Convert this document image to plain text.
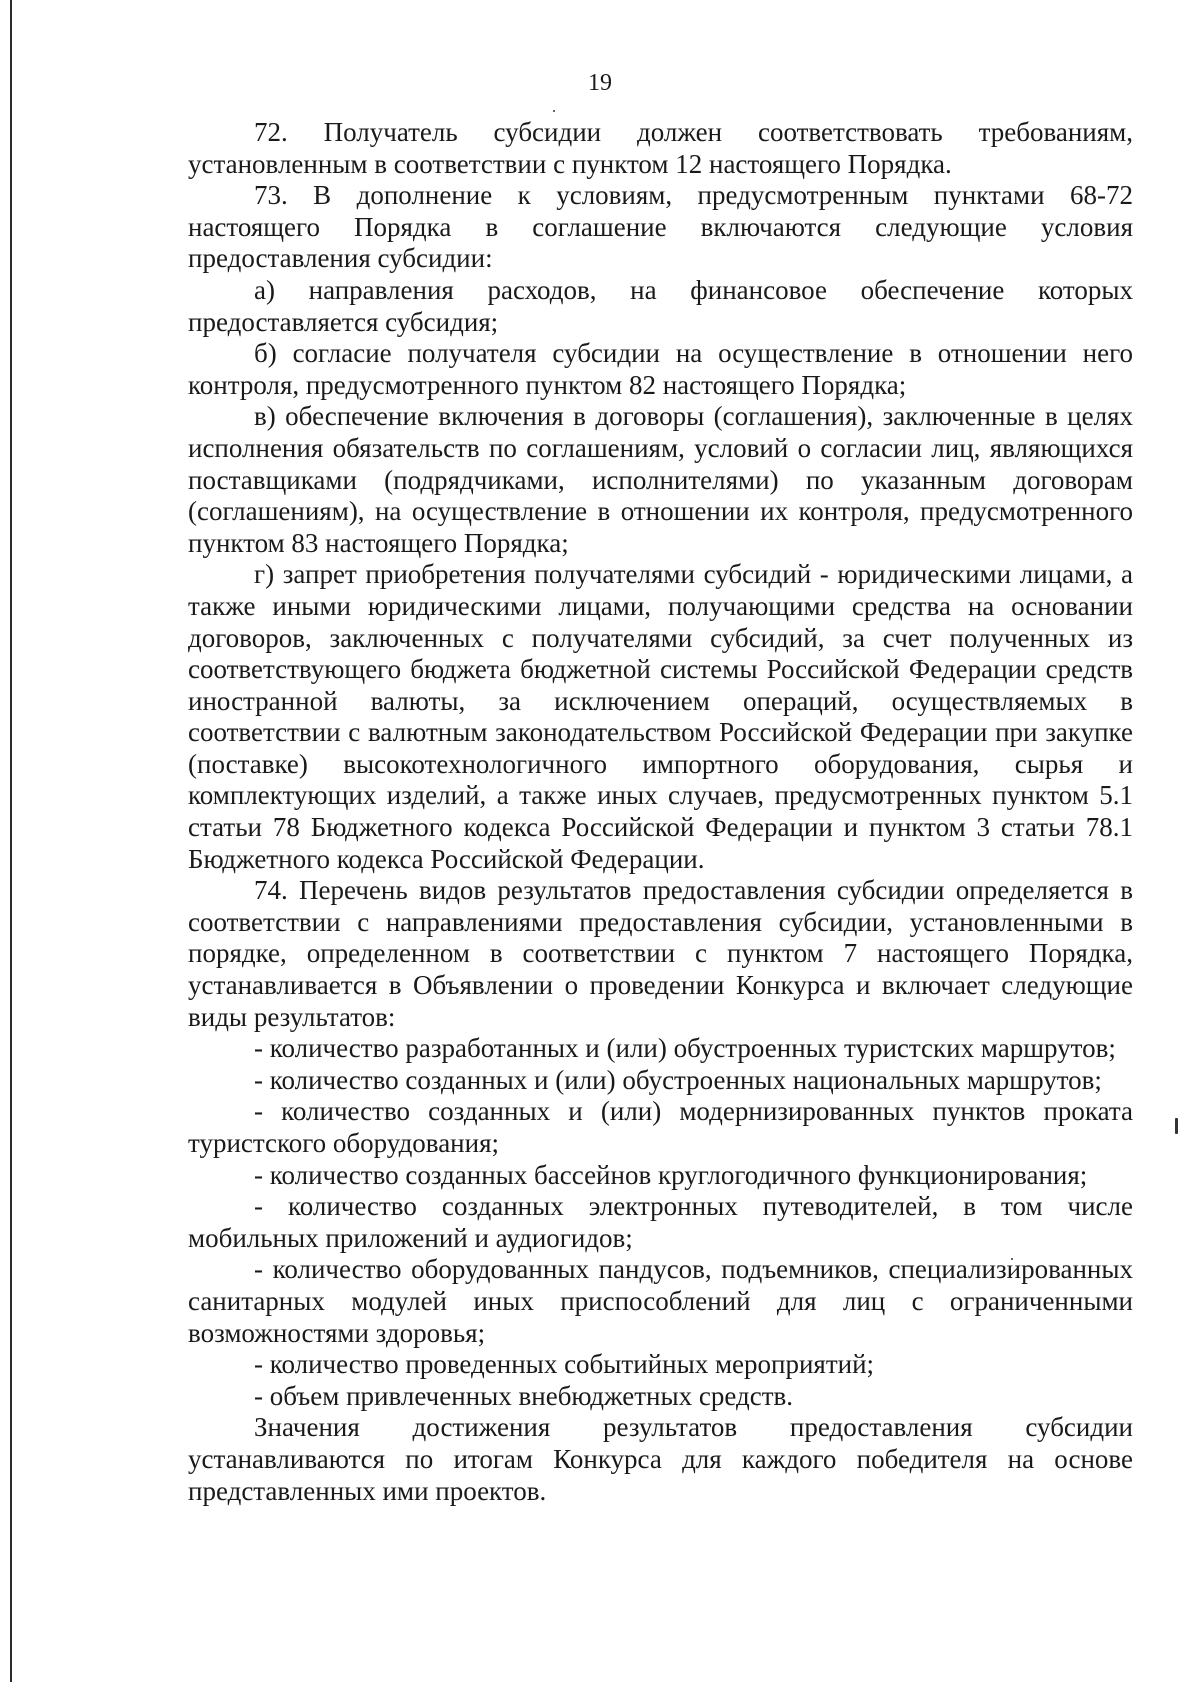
19

72. Получатель субсидии должен соответствовать требованиям, установленным в соответствии с пунктом 12 настоящего Порядка.

73. В дополнение к условиям, предусмотренным пунктами 68-72 настоящего Порядка в соглашение включаются следующие условия предоставления субсидии:

а) направления расходов, на финансовое обеспечение которых предоставляется субсидия;

б) согласие получателя субсидии на осуществление в отношении него контроля, предусмотренного пунктом 82 настоящего Порядка;

в) обеспечение включения в договоры (соглашения), заключенные в целях исполнения обязательств по соглашениям, условий о согласии лиц, являющихся поставщиками (подрядчиками, исполнителями) по указанным договорам (соглашениям), на осуществление в отношении их контроля, предусмотренного пунктом 83 настоящего Порядка;

г) запрет приобретения получателями субсидий - юридическими лицами, а также иными юридическими лицами, получающими средства на основании договоров, заключенных с получателями субсидий, за счет полученных из соответствующего бюджета бюджетной системы Российской Федерации средств иностранной валюты, за исключением операций, осуществляемых в соответствии с валютным законодательством Российской Федерации при закупке (поставке) высокотехнологичного импортного оборудования, сырья и комплектующих изделий, а также иных случаев, предусмотренных пунктом 5.1 статьи 78 Бюджетного кодекса Российской Федерации и пунктом 3 статьи 78.1 Бюджетного кодекса Российской Федерации.

74. Перечень видов результатов предоставления субсидии определяется в соответствии с направлениями предоставления субсидии, установленными в порядке, определенном в соответствии с пунктом 7 настоящего Порядка, устанавливается в Объявлении о проведении Конкурса и включает следующие виды результатов:

- количество разработанных и (или) обустроенных туристских маршрутов;

- количество созданных и (или) обустроенных национальных маршрутов;

- количество созданных и (или) модернизированных пунктов проката туристского оборудования;

- количество созданных бассейнов круглогодичного функционирования;

- количество созданных электронных путеводителей, в том числе мобильных приложений и аудиогидов;

- количество оборудованных пандусов, подъемников, специализированных санитарных модулей иных приспособлений для лиц с ограниченными возможностями здоровья;

- количество проведенных событийных мероприятий;

- объем привлеченных внебюджетных средств.

Значения достижения результатов предоставления субсидии устанавливаются по итогам Конкурса для каждого победителя на основе представленных ими проектов.
